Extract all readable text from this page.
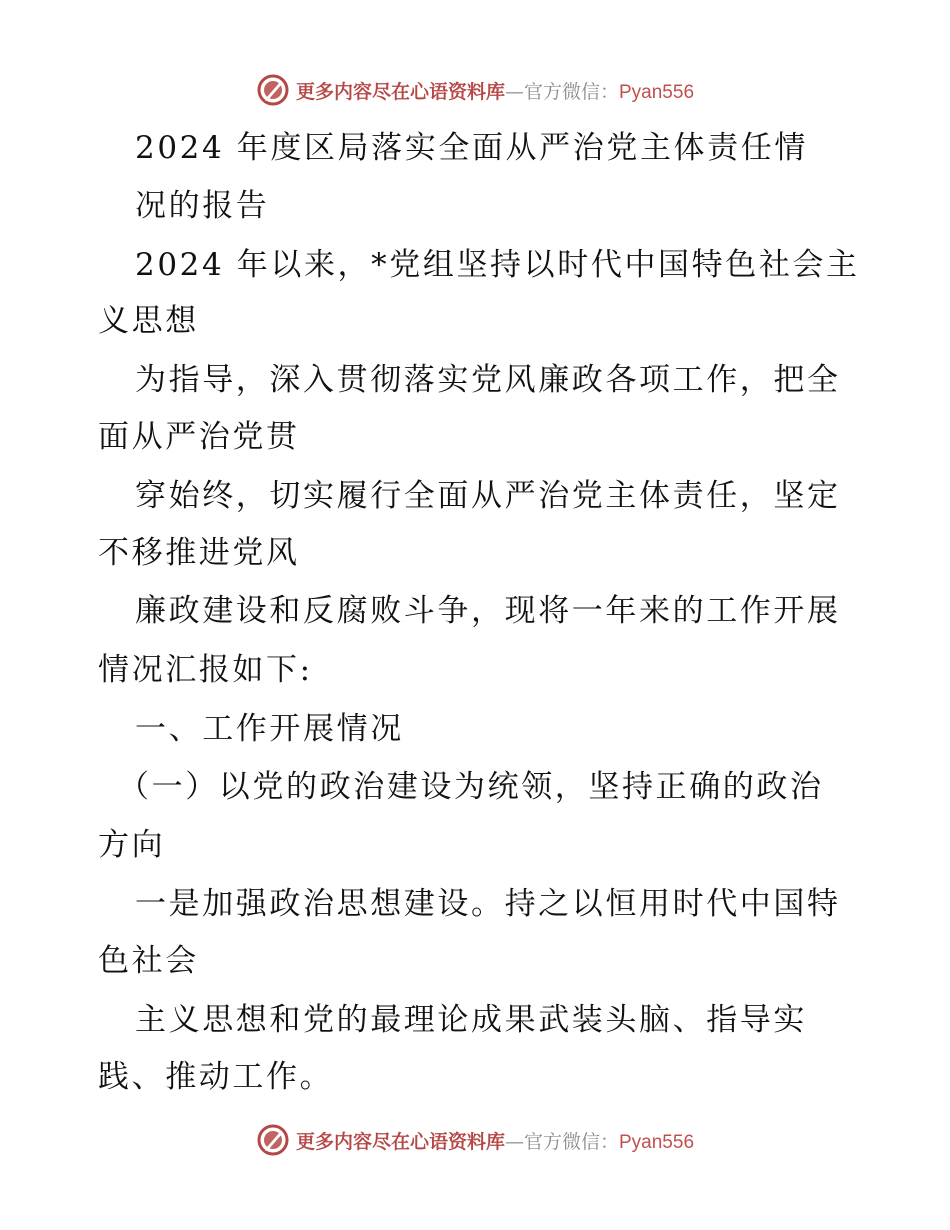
更多内容尽在心语资料库—官方微信：Pyan556
2024 年度区局落实全面从严治党主体责任情
况的报告
2024 年以来，*党组坚持以时代中国特色社会主
义思想
为指导，深入贯彻落实党风廉政各项工作，把全
面从严治党贯
穿始终，切实履行全面从严治党主体责任，坚定
不移推进党风
廉政建设和反腐败斗争，现将一年来的工作开展
情况汇报如下:
一、工作开展情况
（一）以党的政治建设为统领，坚持正确的政治
方向
一是加强政治思想建设。持之以恒用时代中国特
色社会
主义思想和党的最理论成果武装头脑、指导实
践、推动工作。
更多内容尽在心语资料库—官方微信：Pyan556
